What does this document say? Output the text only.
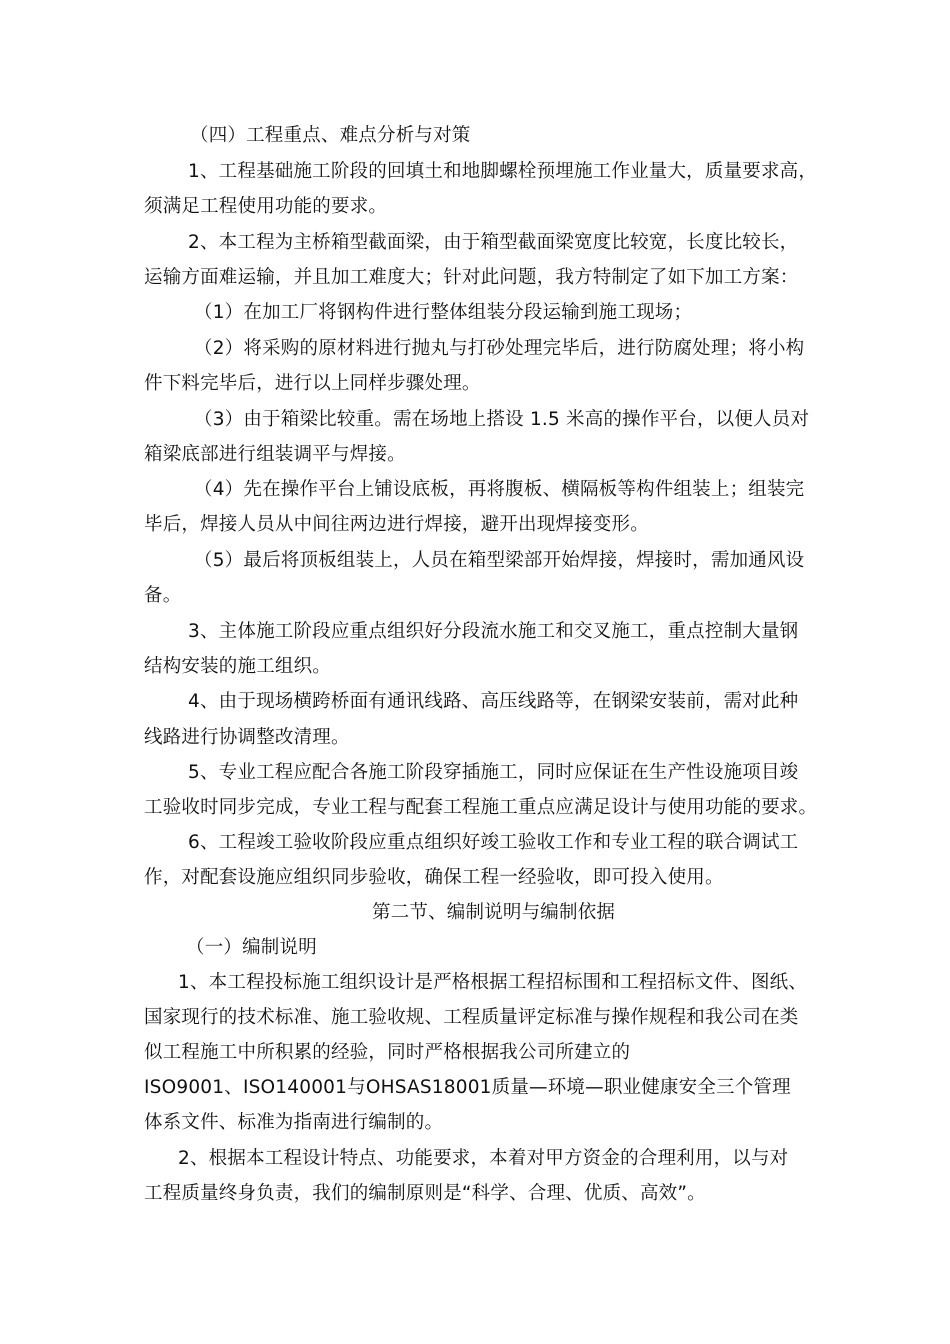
（四）工程重点、难点分析与对策
1、工程基础施工阶段的回填土和地脚螺栓预埋施工作业量大，质量要求高，
须满足工程使用功能的要求。
2、本工程为主桥箱型截面梁，由于箱型截面梁宽度比较宽，长度比较长，
运输方面难运输，并且加工难度大；针对此问题，我方特制定了如下加工方案：
（1）在加工厂将钢构件进行整体组装分段运输到施工现场；
（2）将采购的原材料进行抛丸与打砂处理完毕后，进行防腐处理；将小构
件下料完毕后，进行以上同样步骤处理。
（3）由于箱梁比较重。需在场地上搭设 1.5 米高的操作平台，以便人员对
箱梁底部进行组装调平与焊接。
（4）先在操作平台上铺设底板，再将腹板、横隔板等构件组装上；组装完
毕后，焊接人员从中间往两边进行焊接，避开出现焊接变形。
（5）最后将顶板组装上，人员在箱型梁部开始焊接，焊接时，需加通风设
备。
3、主体施工阶段应重点组织好分段流水施工和交叉施工，重点控制大量钢
结构安装的施工组织。
4、由于现场横跨桥面有通讯线路、高压线路等，在钢梁安装前，需对此种
线路进行协调整改清理。
5、专业工程应配合各施工阶段穿插施工，同时应保证在生产性设施项目竣
工验收时同步完成，专业工程与配套工程施工重点应满足设计与使用功能的要求。
6、工程竣工验收阶段应重点组织好竣工验收工作和专业工程的联合调试工
作，对配套设施应组织同步验收，确保工程一经验收，即可投入使用。
第二节、编制说明与编制依据
（一）编制说明
1、本工程投标施工组织设计是严格根据工程招标围和工程招标文件、图纸、
国家现行的技术标准、施工验收规、工程质量评定标准与操作规程和我公司在类
似工程施工中所积累的经验，同时严格根据我公司所建立的
ISO9001、ISO140001与OHSAS18001质量—环境—职业健康安全三个管理
体系文件、标准为指南进行编制的。
2、根据本工程设计特点、功能要求，本着对甲方资金的合理利用，以与对
工程质量终身负责，我们的编制原则是“科学、合理、优质、高效”。
